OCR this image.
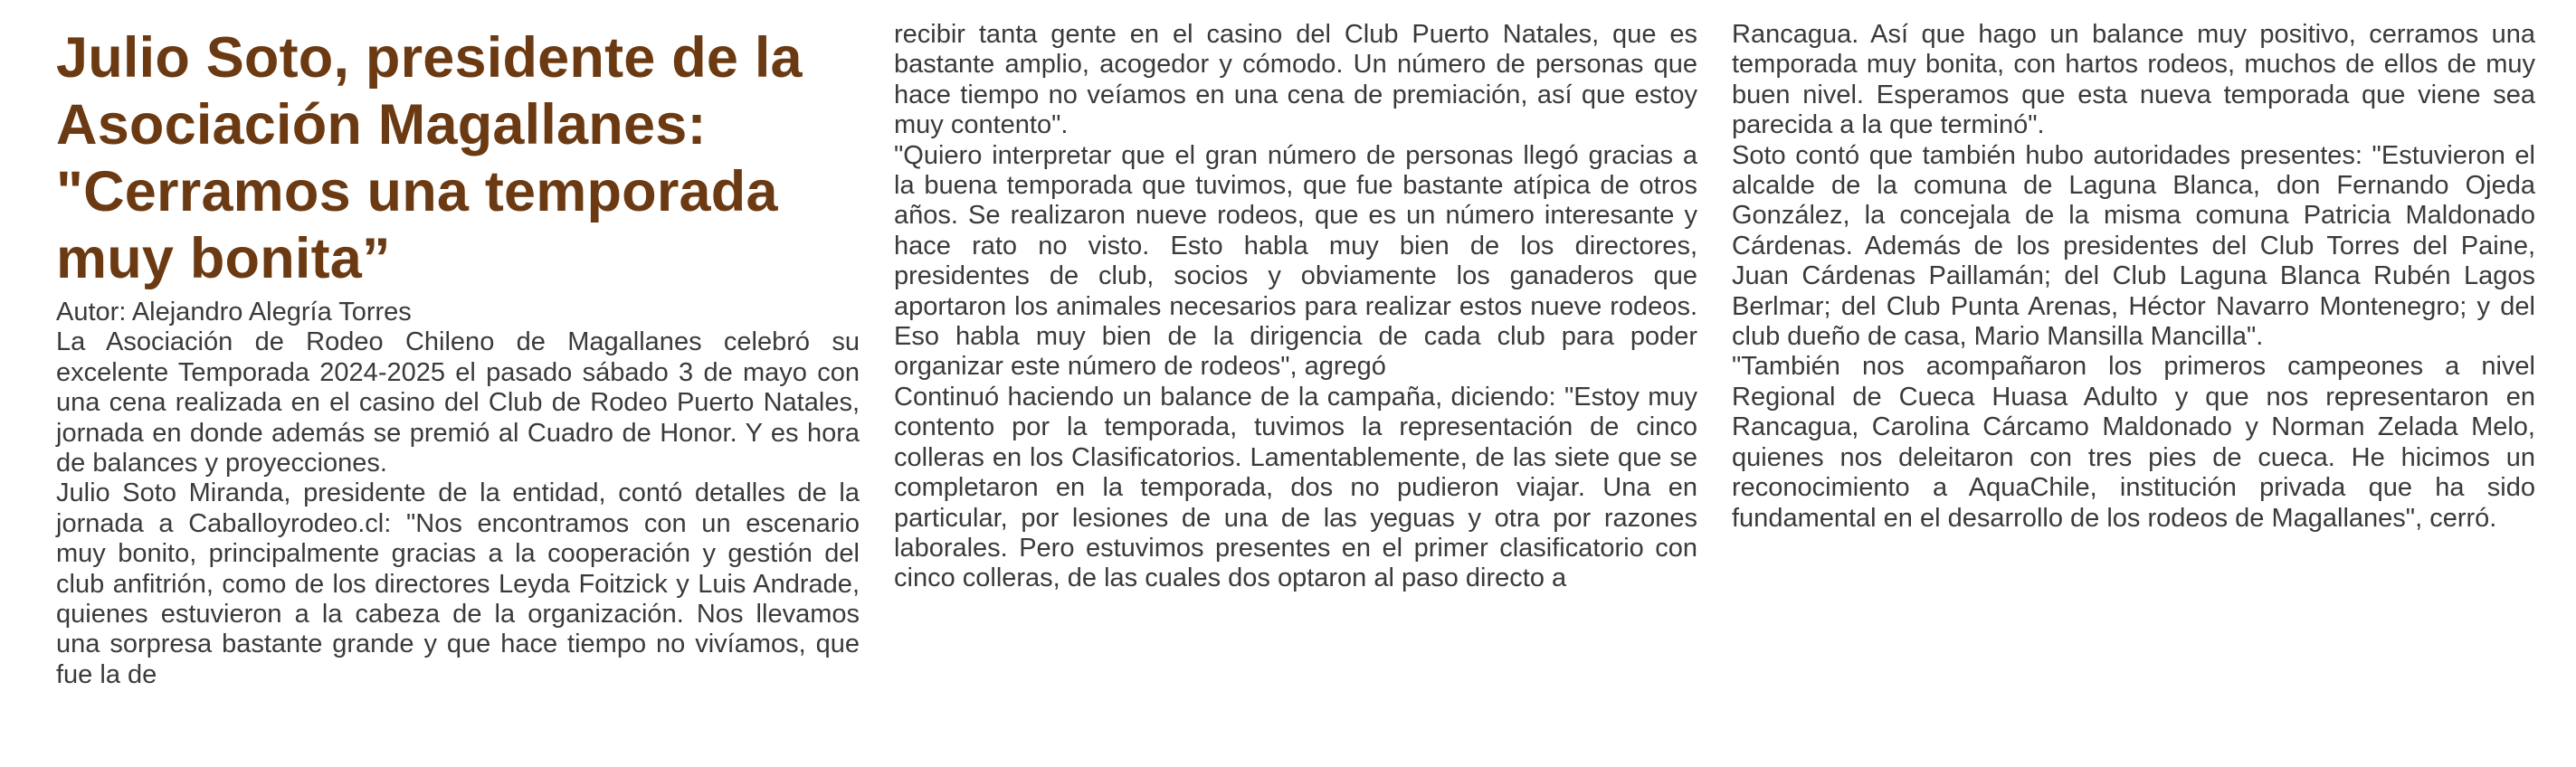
Julio Soto, presidente de la Asociación Magallanes: "Cerramos una temporada muy bonita”

Autor: Alejandro Alegría Torres

La Asociación de Rodeo Chileno de Magallanes celebró su excelente Temporada 2024-2025 el pasado sábado 3 de mayo con una cena realizada en el casino del Club de Rodeo Puerto Natales, jornada en donde además se premió al Cuadro de Honor. Y es hora de balances y proyecciones.

Julio Soto Miranda, presidente de la entidad, contó detalles de la jornada a Caballoyrodeo.cl: "Nos encontramos con un escenario muy bonito, principalmente gracias a la cooperación y gestión del club anfitrión, como de los directores Leyda Foitzick y Luis Andrade, quienes estuvieron a la cabeza de la organización. Nos llevamos una sorpresa bastante grande y que hace tiempo no vivíamos, que fue la de

recibir tanta gente en el casino del Club Puerto Natales, que es bastante amplio, acogedor y cómodo. Un número de personas que hace tiempo no veíamos en una cena de premiación, así que estoy muy contento".

"Quiero interpretar que el gran número de personas llegó gracias a la buena temporada que tuvimos, que fue bastante atípica de otros años. Se realizaron nueve rodeos, que es un número interesante y hace rato no visto. Esto habla muy bien de los directores, presidentes de club, socios y obviamente los ganaderos que aportaron los animales necesarios para realizar estos nueve rodeos. Eso habla muy bien de la dirigencia de cada club para poder organizar este número de rodeos", agregó

Continuó haciendo un balance de la campaña, diciendo: "Estoy muy contento por la temporada, tuvimos la representación de cinco colleras en los Clasificatorios. Lamentablemente, de las siete que se completaron en la temporada, dos no pudieron viajar. Una en particular, por lesiones de una de las yeguas y otra por razones laborales. Pero estuvimos presentes en el primer clasificatorio con cinco colleras, de las cuales dos optaron al paso directo a

Rancagua. Así que hago un balance muy positivo, cerramos una temporada muy bonita, con hartos rodeos, muchos de ellos de muy buen nivel. Esperamos que esta nueva temporada que viene sea parecida a la que terminó".

Soto contó que también hubo autoridades presentes: "Estuvieron el alcalde de la comuna de Laguna Blanca, don Fernando Ojeda González, la concejala de la misma comuna Patricia Maldonado Cárdenas. Además de los presidentes del Club Torres del Paine, Juan Cárdenas Paillamán; del Club Laguna Blanca Rubén Lagos Berlmar; del Club Punta Arenas, Héctor Navarro Montenegro; y del club dueño de casa, Mario Mansilla Mancilla".

"También nos acompañaron los primeros campeones a nivel Regional de Cueca Huasa Adulto y que nos representaron en Rancagua, Carolina Cárcamo Maldonado y Norman Zelada Melo, quienes nos deleitaron con tres pies de cueca. He hicimos un reconocimiento a AquaChile, institución privada que ha sido fundamental en el desarrollo de los rodeos de Magallanes", cerró.
